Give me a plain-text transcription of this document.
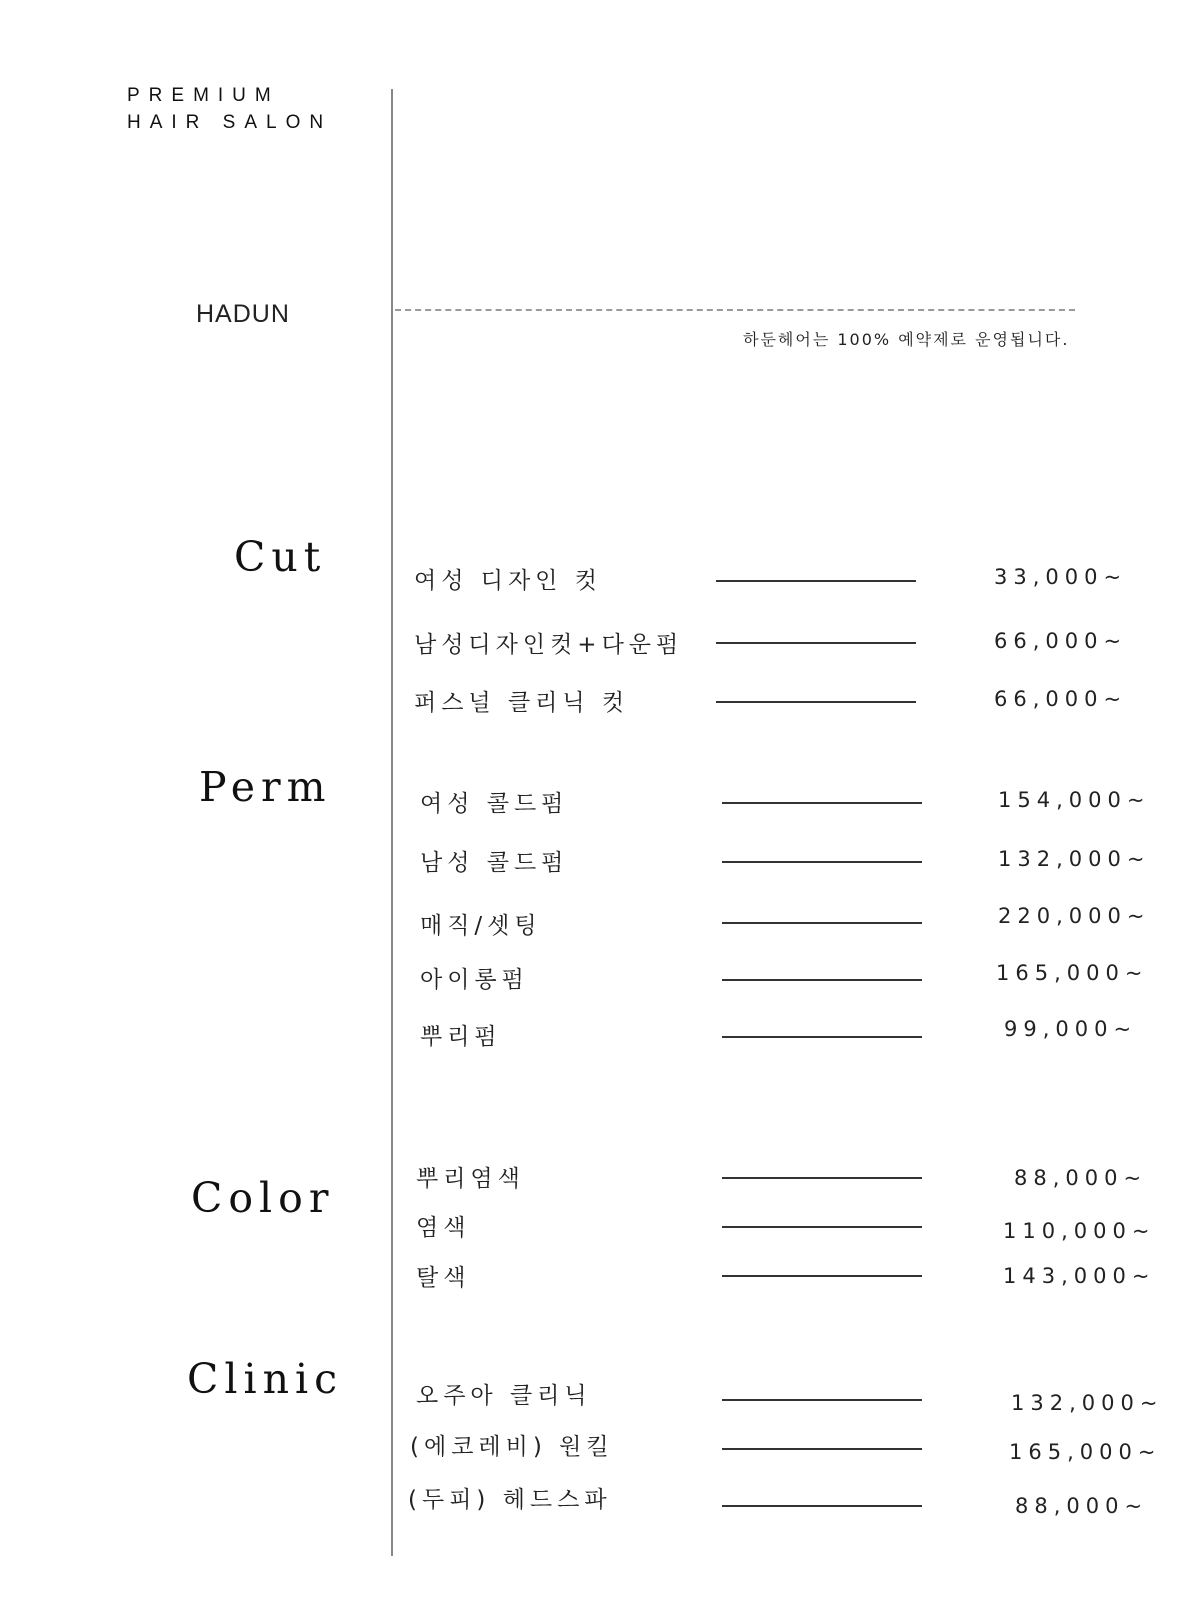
PREMIUM
HAIR SALON
HADUN
하둔헤어는 100% 예약제로 운영됩니다.
Cut
Perm
Color
Clinic
여성 디자인 컷	33,000~
남성디자인컷+다운펌	66,000~
퍼스널 클리닉 컷	66,000~
여성 콜드펌	154,000~
남성 콜드펌	132,000~
매직/셋팅	220,000~
아이롱펌	165,000~
뿌리펌	99,000~
뿌리염색	88,000~
염색	110,000~
탈색	143,000~
오주아 클리닉	132,000~
(에코레비) 원킬	165,000~
(두피) 헤드스파	88,000~
